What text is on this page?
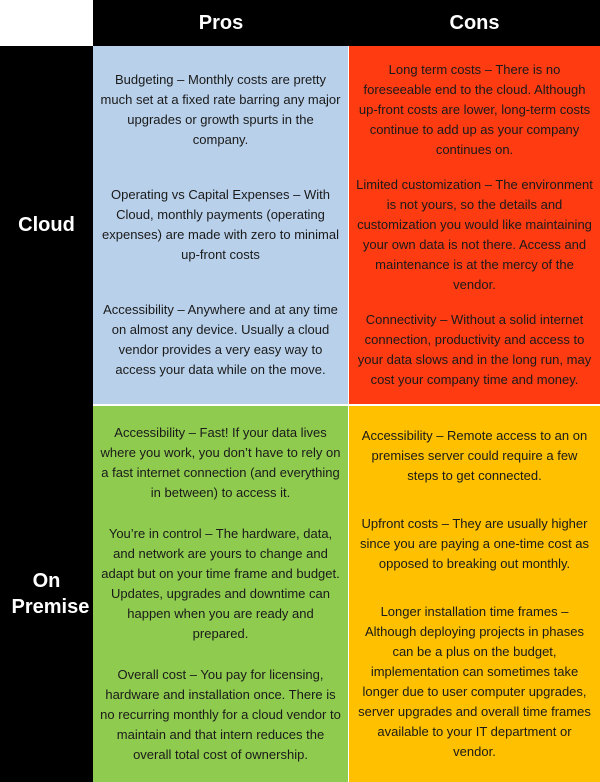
Pros	Cons
Cloud

Budgeting – Monthly costs are pretty much set at a fixed rate barring any major upgrades or growth spurts in the company.

Operating vs Capital Expenses – With Cloud, monthly payments (operating expenses) are made with zero to minimal up-front costs

Accessibility – Anywhere and at any time on almost any device. Usually a cloud vendor provides a very easy way to access your data while on the move.

Long term costs – There is no foreseeable end to the cloud. Although up-front costs are lower, long-term costs continue to add up as your company continues on.

Limited customization – The environment is not yours, so the details and customization you would like maintaining your own data is not there. Access and maintenance is at the mercy of the vendor.

Connectivity – Without a solid internet connection, productivity and access to your data slows and in the long run, may cost your company time and money.

On Premise

Accessibility – Fast! If your data lives where you work, you don’t have to rely on a fast internet connection (and everything in between) to access it.

You’re in control – The hardware, data, and network are yours to change and adapt but on your time frame and budget. Updates, upgrades and downtime can happen when you are ready and prepared.

Overall cost – You pay for licensing, hardware and installation once. There is no recurring monthly for a cloud vendor to maintain and that intern reduces the overall total cost of ownership.

Accessibility – Remote access to an on premises server could require a few steps to get connected.

Upfront costs – They are usually higher since you are paying a one-time cost as opposed to breaking out monthly.

Longer installation time frames – Although deploying projects in phases can be a plus on the budget, implementation can sometimes take longer due to user computer upgrades, server upgrades and overall time frames available to your IT department or vendor.
